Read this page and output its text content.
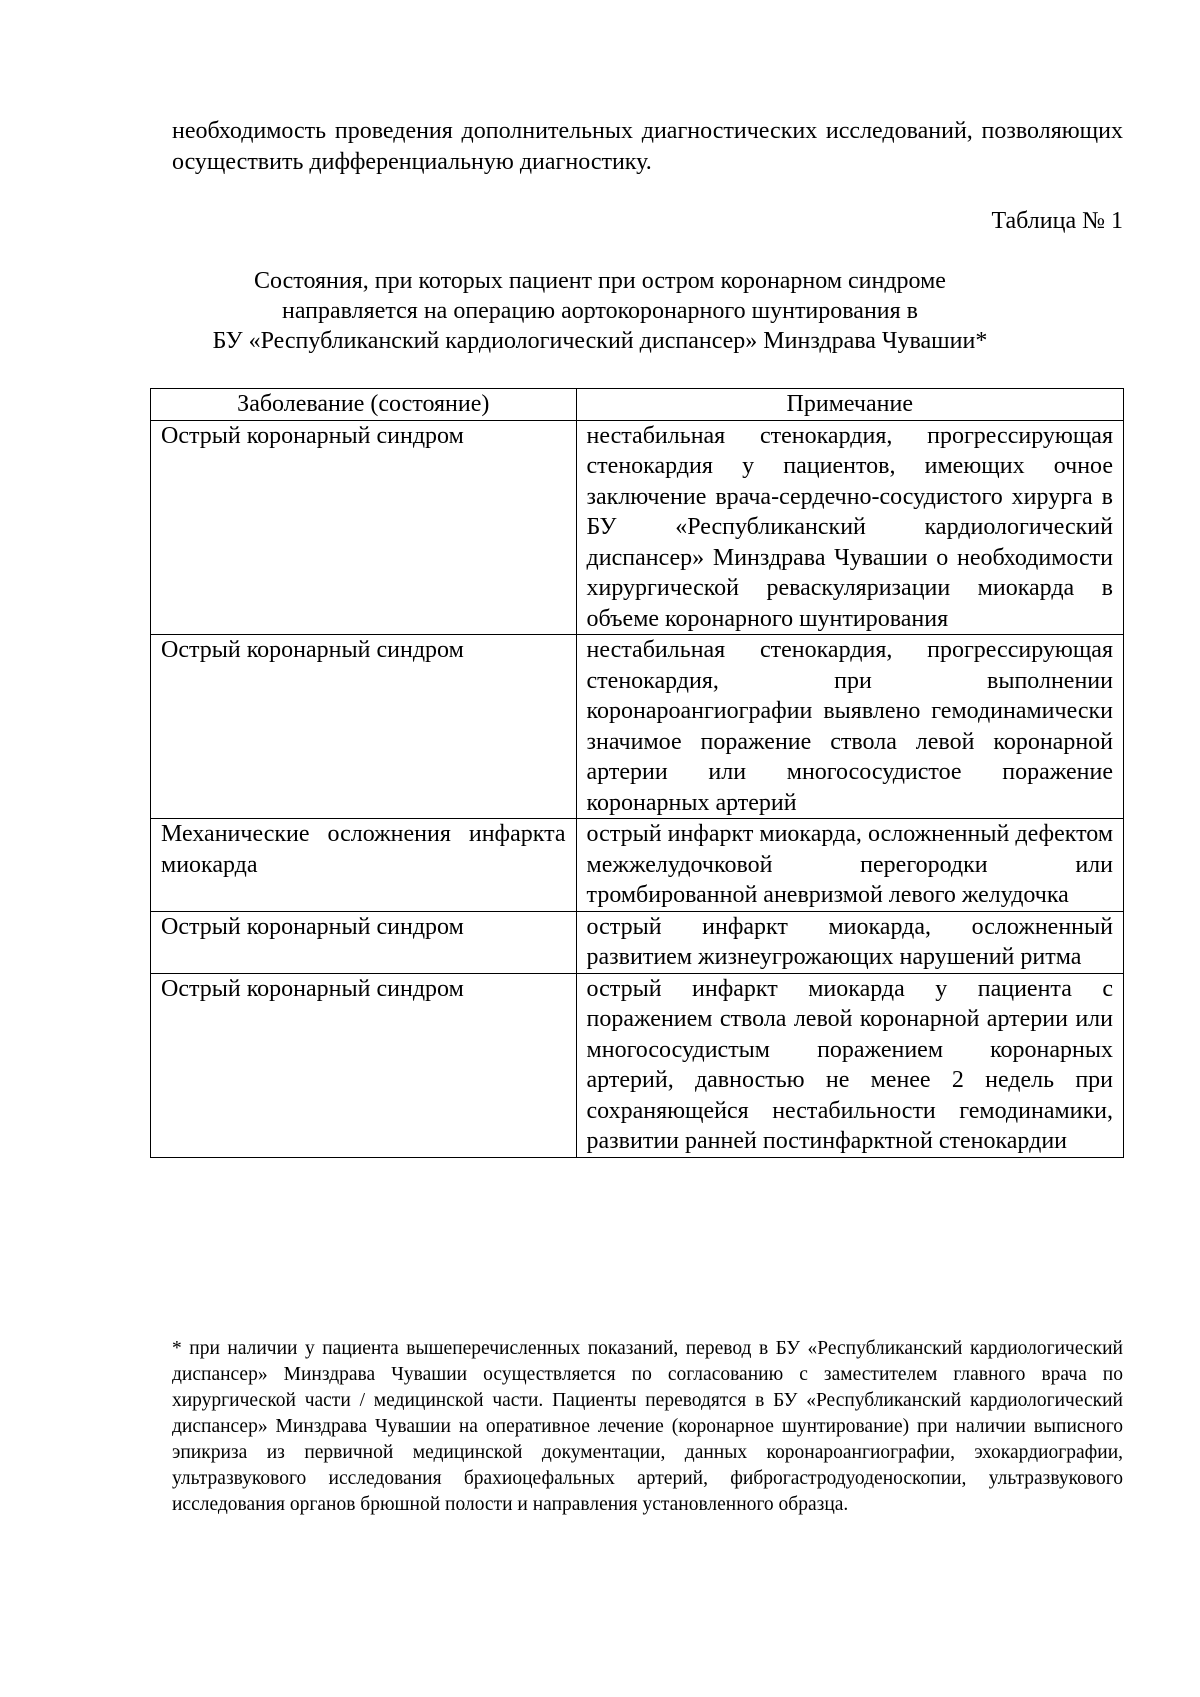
необходимость проведения дополнительных диагностических исследований, позволяющих осуществить дифференциальную диагностику.

Таблица № 1

Состояния, при которых пациент при остром коронарном синдроме
направляется на операцию аортокоронарного шунтирования в
БУ «Республиканский кардиологический диспансер» Минздрава Чувашии*

Заболевание (состояние)	Примечание
Острый коронарный синдром	нестабильная стенокардия, прогрессирующая стенокардия у пациентов, имеющих очное заключение врача-сердечно-сосудистого хирурга в БУ «Республиканский кардиологический диспансер» Минздрава Чувашии о необходимости хирургической реваскуляризации миокарда в объеме коронарного шунтирования
Острый коронарный синдром	нестабильная стенокардия, прогрессирующая стенокардия, при выполнении коронароангиографии выявлено гемодинамически значимое поражение ствола левой коронарной артерии или многососудистое поражение коронарных артерий
Механические осложнения инфаркта миокарда	острый инфаркт миокарда, осложненный дефектом межжелудочковой перегородки или тромбированной аневризмой левого желудочка
Острый коронарный синдром	острый инфаркт миокарда, осложненный развитием жизнеугрожающих нарушений ритма
Острый коронарный синдром	острый инфаркт миокарда у пациента с поражением ствола левой коронарной артерии или многососудистым поражением коронарных артерий, давностью не менее 2 недель при сохраняющейся нестабильности гемодинамики, развитии ранней постинфарктной стенокардии

* при наличии у пациента вышеперечисленных показаний, перевод в БУ «Республиканский кардиологический диспансер» Минздрава Чувашии осуществляется по согласованию с заместителем главного врача по хирургической части / медицинской части. Пациенты переводятся в БУ «Республиканский кардиологический диспансер» Минздрава Чувашии на оперативное лечение (коронарное шунтирование) при наличии выписного эпикриза из первичной медицинской документации, данных коронароангиографии, эхокардиографии, ультразвукового исследования брахиоцефальных артерий, фиброгастродуоденоскопии, ультразвукового исследования органов брюшной полости и направления установленного образца.
